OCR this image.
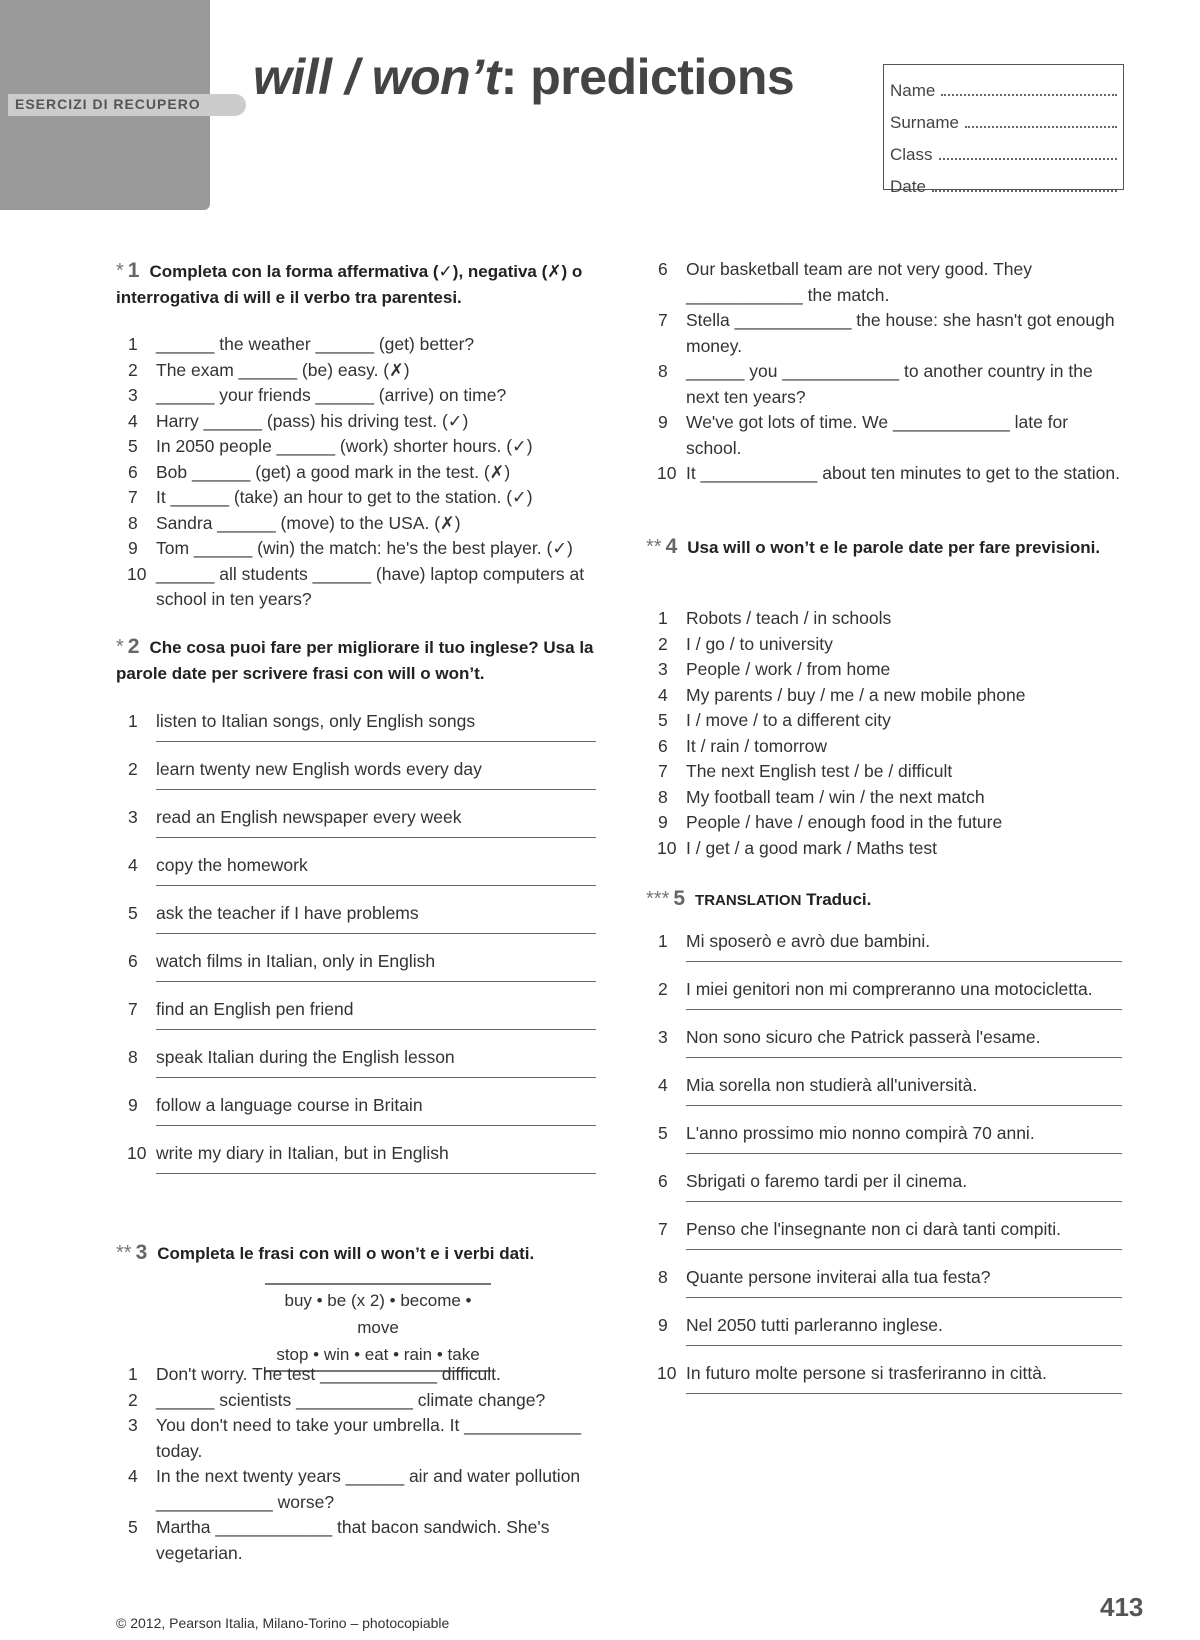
ESERCIZI DI RECUPERO will / won’t: predictions	Name
Surname
Class
Date
* 1 Completa con la forma affermativa (✓), negativa (✗) o interrogativa di will e il verbo tra parentesi.
1	______ the weather ______ (get) better?
2	The exam ______ (be) easy. (✗)
3	______ your friends ______ (arrive) on time?
4	Harry ______ (pass) his driving test. (✓)
5	In 2050 people ______ (work) shorter hours. (✓)
6	Bob ______ (get) a good mark in the test. (✗)
7	It ______ (take) an hour to get to the station. (✓)
8	Sandra ______ (move) to the USA. (✗)
9	Tom ______ (win) the match: he's the best player. (✓)
10 ______ all students ______ (have) laptop computers at school in ten years?
* 2 Che cosa puoi fare per migliorare il tuo inglese? Usa la parole date per scrivere frasi con will o won’t.
1	listen to Italian songs, only English songs
2	learn twenty new English words every day
3	read an English newspaper every week
4	copy the homework
5	ask the teacher if I have problems
6	watch films in Italian, only in English
7	find an English pen friend
8	speak Italian during the English lesson
9	follow a language course in Britain
10 write my diary in Italian, but in English
** 3 Completa le frasi con will o won’t e i verbi dati.
buy • be (x 2) • become • move
stop • win • eat • rain • take
1	Don't worry. The test ____________ difficult.
2	______ scientists ____________ climate change?
3	You don't need to take your umbrella. It ____________ today.
4	In the next twenty years ______ air and water pollution ____________ worse?
5	Martha ____________ that bacon sandwich. She's vegetarian.
6	Our basketball team are not very good. They ____________ the match.
7	Stella ____________ the house: she hasn't got enough money.
8	______ you ____________ to another country in the next ten years?
9	We've got lots of time. We ____________ late for school.
10 It ____________ about ten minutes to get to the station.
** 4 Usa will o won’t e le parole date per fare previsioni.
1	Robots / teach / in schools
2	I / go / to university
3	People / work / from home
4	My parents / buy / me / a new mobile phone
5	I / move / to a different city
6	It / rain / tomorrow
7	The next English test / be / difficult
8	My football team / win / the next match
9	People / have / enough food in the future
10 I / get / a good mark / Maths test
*** 5 TRANSLATION Traduci.
1	Mi sposerò e avrò due bambini.
2	I miei genitori non mi compreranno una motocicletta.
3	Non sono sicuro che Patrick passerà l'esame.
4	Mia sorella non studierà all'università.
5	L'anno prossimo mio nonno compirà 70 anni.
6	Sbrigati o faremo tardi per il cinema.
7	Penso che l'insegnante non ci darà tanti compiti.
8	Quante persone inviterai alla tua festa?
9	Nel 2050 tutti parleranno inglese.
10 In futuro molte persone si trasferiranno in città.
© 2012, Pearson Italia, Milano-Torino – photocopiable
413
